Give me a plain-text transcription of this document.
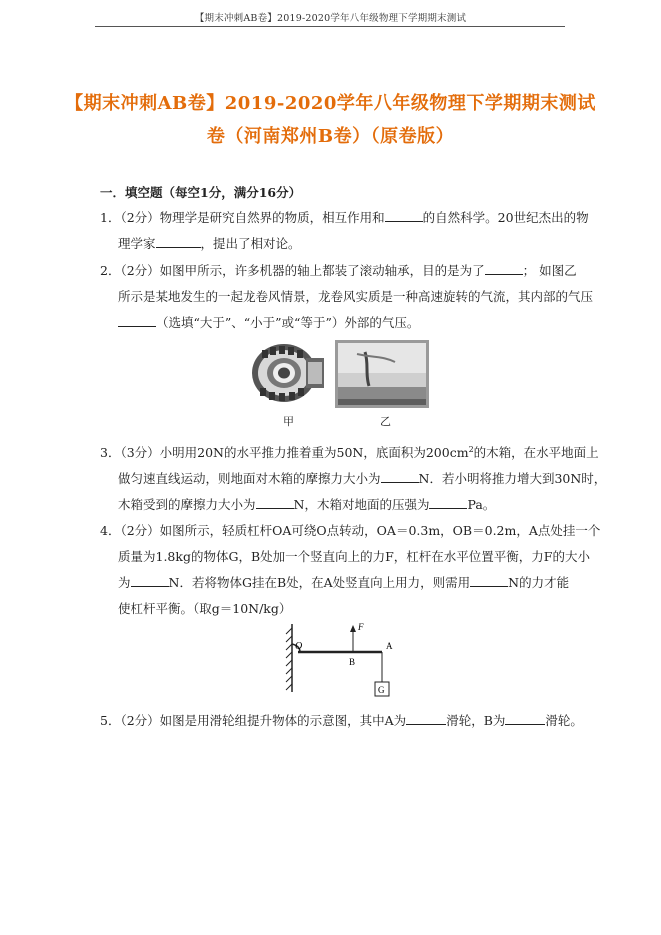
【期末冲刺AB卷】2019-2020学年八年级物理下学期期末测试
【期末冲刺AB卷】2019-2020学年八年级物理下学期期末测试
卷（河南郑州B卷）（原卷版）
一．填空题（每空1分，满分16分）
1．（2分）物理学是研究自然界的物质，相互作用和	的自然科学。20世纪杰出的物
理学家	，提出了相对论。
2．（2分）如图甲所示，许多机器的轴上都装了滚动轴承，目的是为了	； 如图乙
所示是某地发生的一起龙卷风情景，龙卷风实质是一种高速旋转的气流，其内部的气压
（选填“大于”、“小于”或“等于”）外部的气压。
甲	乙
3．（3分）小明用20N的水平推力推着重为50N，底面积为$200cm^2$的木箱，在水平地面上
做匀速直线运动，则地面对木箱的摩擦力大小为	N．若小明将推力增大到30N时，
木箱受到的摩擦力大小为	N，木箱对地面的压强为	Pa。
4．（2分）如图所示，轻质杠杆OA可绕O点转动，OA＝0.3m，OB＝0.2m，A点处挂一个
质量为1.8kg的物体G，B处加一个竖直向上的力F，杠杆在水平位置平衡，力F的大小
为	N．若将物体G挂在B处，在A处竖直向上用力，则需用	N的力才能
使杠杆平衡。（取g＝10N/kg）
O
F
B
A
G
5．（2分）如图是用滑轮组提升物体的示意图，其中A为	滑轮，B为	滑轮。
